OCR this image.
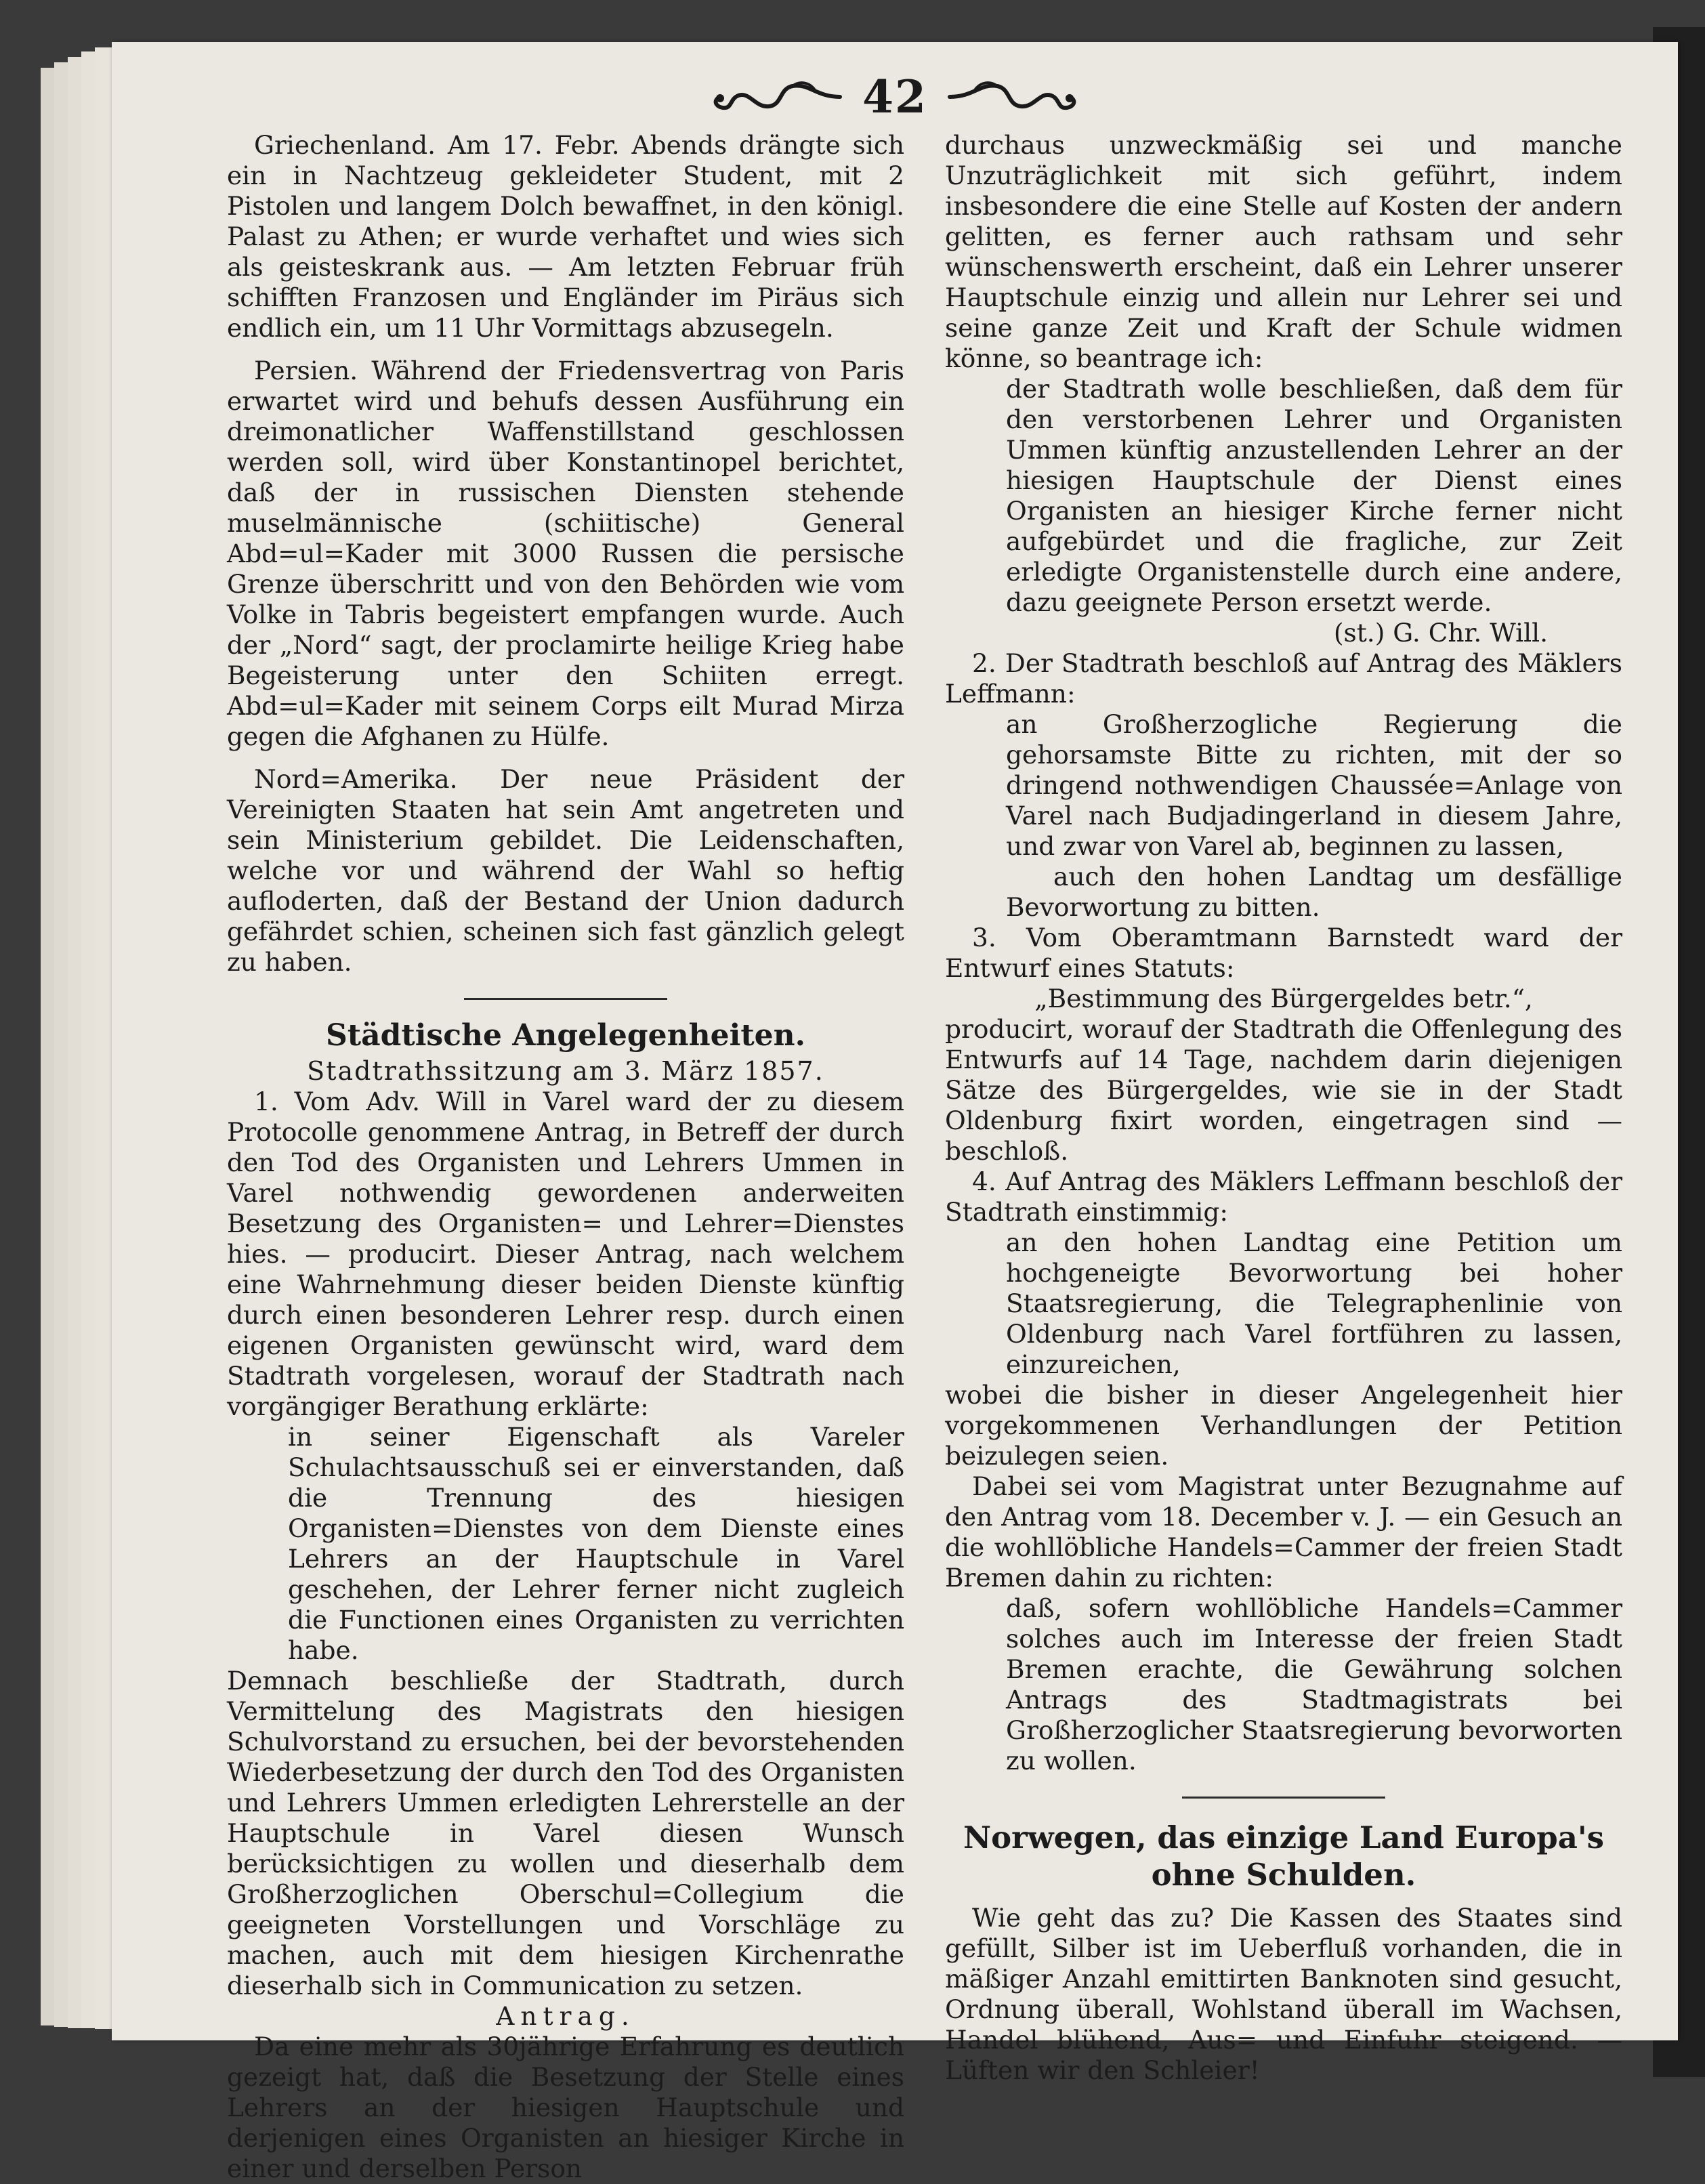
42

Griechenland. Am 17. Febr. Abends drängte sich ein in Nachtzeug gekleideter Student, mit 2 Pistolen und langem Dolch bewaffnet, in den königl. Palast zu Athen; er wurde verhaftet und wies sich als geisteskrank aus. — Am letzten Februar früh schifften Franzosen und Engländer im Piräus sich endlich ein, um 11 Uhr Vormittags abzusegeln.

Persien. Während der Friedensvertrag von Paris erwartet wird und behufs dessen Ausführung ein dreimonatlicher Waffenstillstand geschlossen werden soll, wird über Konstantinopel berichtet, daß der in russischen Diensten stehende muselmännische (schiitische) General Abd=ul=Kader mit 3000 Russen die persische Grenze überschritt und von den Behörden wie vom Volke in Tabris begeistert empfangen wurde. Auch der „Nord“ sagt, der proclamirte heilige Krieg habe Begeisterung unter den Schiiten erregt. Abd=ul=Kader mit seinem Corps eilt Murad Mirza gegen die Afghanen zu Hülfe.

Nord=Amerika. Der neue Präsident der Vereinigten Staaten hat sein Amt angetreten und sein Ministerium gebildet. Die Leidenschaften, welche vor und während der Wahl so heftig aufloderten, daß der Bestand der Union dadurch gefährdet schien, scheinen sich fast gänzlich gelegt zu haben.

Städtische Angelegenheiten.
Stadtrathssitzung am 3. März 1857.

1. Vom Adv. Will in Varel ward der zu diesem Protocolle genommene Antrag, in Betreff der durch den Tod des Organisten und Lehrers Ummen in Varel nothwendig gewordenen anderweiten Besetzung des Organisten= und Lehrer=Dienstes hies. — producirt. Dieser Antrag, nach welchem eine Wahrnehmung dieser beiden Dienste künftig durch einen besonderen Lehrer resp. durch einen eigenen Organisten gewünscht wird, ward dem Stadtrath vorgelesen, worauf der Stadtrath nach vorgängiger Berathung erklärte:

in seiner Eigenschaft als Vareler Schulachtsausschuß sei er einverstanden, daß die Trennung des hiesigen Organisten=Dienstes von dem Dienste eines Lehrers an der Hauptschule in Varel geschehen, der Lehrer ferner nicht zugleich die Functionen eines Organisten zu verrichten habe.

Demnach beschließe der Stadtrath, durch Vermittelung des Magistrats den hiesigen Schulvorstand zu ersuchen, bei der bevorstehenden Wiederbesetzung der durch den Tod des Organisten und Lehrers Ummen erledigten Lehrerstelle an der Hauptschule in Varel diesen Wunsch berücksichtigen zu wollen und dieserhalb dem Großherzoglichen Oberschul=Collegium die geeigneten Vorstellungen und Vorschläge zu machen, auch mit dem hiesigen Kirchenrathe dieserhalb sich in Communication zu setzen.

Antrag.

Da eine mehr als 30jährige Erfahrung es deutlich gezeigt hat, daß die Besetzung der Stelle eines Lehrers an der hiesigen Hauptschule und derjenigen eines Organisten an hiesiger Kirche in einer und derselben Person

durchaus unzweckmäßig sei und manche Unzuträglichkeit mit sich geführt, indem insbesondere die eine Stelle auf Kosten der andern gelitten, es ferner auch rathsam und sehr wünschenswerth erscheint, daß ein Lehrer unserer Hauptschule einzig und allein nur Lehrer sei und seine ganze Zeit und Kraft der Schule widmen könne, so beantrage ich:

der Stadtrath wolle beschließen, daß dem für den verstorbenen Lehrer und Organisten Ummen künftig anzustellenden Lehrer an der hiesigen Hauptschule der Dienst eines Organisten an hiesiger Kirche ferner nicht aufgebürdet und die fragliche, zur Zeit erledigte Organistenstelle durch eine andere, dazu geeignete Person ersetzt werde.

(st.) G. Chr. Will.

2. Der Stadtrath beschloß auf Antrag des Mäklers Leffmann:

an Großherzogliche Regierung die gehorsamste Bitte zu richten, mit der so dringend nothwendigen Chaussée=Anlage von Varel nach Budjadingerland in diesem Jahre, und zwar von Varel ab, beginnen zu lassen,

auch den hohen Landtag um desfällige Bevorwortung zu bitten.

3. Vom Oberamtmann Barnstedt ward der Entwurf eines Statuts:

„Bestimmung des Bürgergeldes betr.“,

producirt, worauf der Stadtrath die Offenlegung des Entwurfs auf 14 Tage, nachdem darin diejenigen Sätze des Bürgergeldes, wie sie in der Stadt Oldenburg fixirt worden, eingetragen sind — beschloß.

4. Auf Antrag des Mäklers Leffmann beschloß der Stadtrath einstimmig:

an den hohen Landtag eine Petition um hochgeneigte Bevorwortung bei hoher Staatsregierung, die Telegraphenlinie von Oldenburg nach Varel fortführen zu lassen, einzureichen,

wobei die bisher in dieser Angelegenheit hier vorgekommenen Verhandlungen der Petition beizulegen seien.

Dabei sei vom Magistrat unter Bezugnahme auf den Antrag vom 18. December v. J. — ein Gesuch an die wohllöbliche Handels=Cammer der freien Stadt Bremen dahin zu richten:

daß, sofern wohllöbliche Handels=Cammer solches auch im Interesse der freien Stadt Bremen erachte, die Gewährung solchen Antrags des Stadtmagistrats bei Großherzoglicher Staatsregierung bevorworten zu wollen.

Norwegen, das einzige Land Europa's
ohne Schulden.

Wie geht das zu? Die Kassen des Staates sind gefüllt, Silber ist im Ueberfluß vorhanden, die in mäßiger Anzahl emittirten Banknoten sind gesucht, Ordnung überall, Wohlstand überall im Wachsen, Handel blühend, Aus= und Einfuhr steigend. — Lüften wir den Schleier!
